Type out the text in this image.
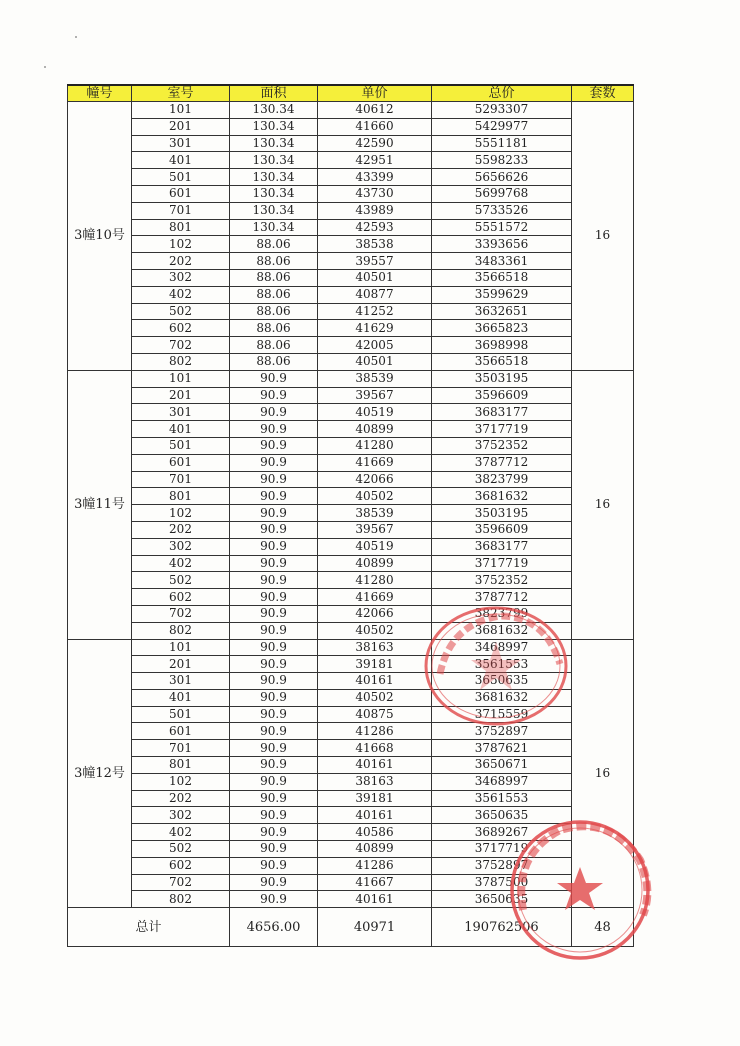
幢号	室号	面积	单价	总价	套数
3幢10号	101	130.34	40612	5293307	16
	201	130.34	41660	5429977	
	301	130.34	42590	5551181	
	401	130.34	42951	5598233	
	501	130.34	43399	5656626	
	601	130.34	43730	5699768	
	701	130.34	43989	5733526	
	801	130.34	42593	5551572	
	102	88.06	38538	3393656	
	202	88.06	39557	3483361	
	302	88.06	40501	3566518	
	402	88.06	40877	3599629	
	502	88.06	41252	3632651	
	602	88.06	41629	3665823	
	702	88.06	42005	3698998	
	802	88.06	40501	3566518	
3幢11号	101	90.9	38539	3503195	16
	201	90.9	39567	3596609	
	301	90.9	40519	3683177	
	401	90.9	40899	3717719	
	501	90.9	41280	3752352	
	601	90.9	41669	3787712	
	701	90.9	42066	3823799	
	801	90.9	40502	3681632	
	102	90.9	38539	3503195	
	202	90.9	39567	3596609	
	302	90.9	40519	3683177	
	402	90.9	40899	3717719	
	502	90.9	41280	3752352	
	602	90.9	41669	3787712	
	702	90.9	42066	3823799	
	802	90.9	40502	3681632	
3幢12号	101	90.9	38163	3468997	16
	201	90.9	39181	3561553	
	301	90.9	40161	3650635	
	401	90.9	40502	3681632	
	501	90.9	40875	3715559	
	601	90.9	41286	3752897	
	701	90.9	41668	3787621	
	801	90.9	40161	3650671	
	102	90.9	38163	3468997	
	202	90.9	39181	3561553	
	302	90.9	40161	3650635	
	402	90.9	40586	3689267	
	502	90.9	40899	3717719	
	602	90.9	41286	3752897	
	702	90.9	41667	3787500	
	802	90.9	40161	3650635	
总计		4656.00	40971	190762506	48
